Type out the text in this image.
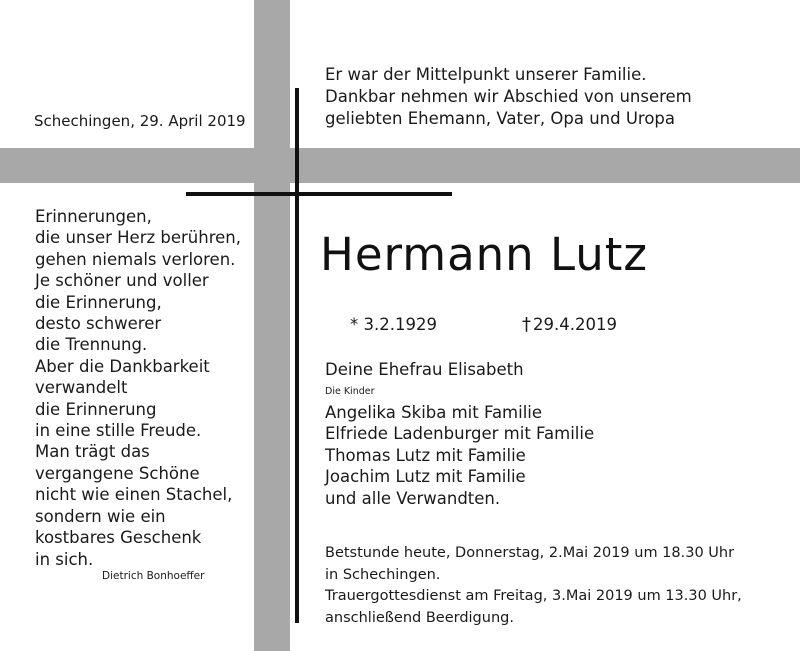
Schechingen, 29. April 2019
Er war der Mittelpunkt unserer Familie.
Dankbar nehmen wir Abschied von unserem
geliebten Ehemann, Vater, Opa und Uropa
Erinnerungen,
die unser Herz berühren,
gehen niemals verloren.
Je schöner und voller
die Erinnerung,
desto schwerer
die Trennung.
Aber die Dankbarkeit
verwandelt
die Erinnerung
in eine stille Freude.
Man trägt das
vergangene Schöne
nicht wie einen Stachel,
sondern wie ein
kostbares Geschenk
in sich.
Dietrich Bonhoeffer
Hermann Lutz
* 3.2.1929	† 29.4.2019
Deine Ehefrau Elisabeth
Die Kinder
Angelika Skiba mit Familie
Elfriede Ladenburger mit Familie
Thomas Lutz mit Familie
Joachim Lutz mit Familie
und alle Verwandten.
Betstunde heute, Donnerstag, 2.Mai 2019 um 18.30 Uhr
in Schechingen.
Trauergottesdienst am Freitag, 3.Mai 2019 um 13.30 Uhr,
anschließend Beerdigung.
